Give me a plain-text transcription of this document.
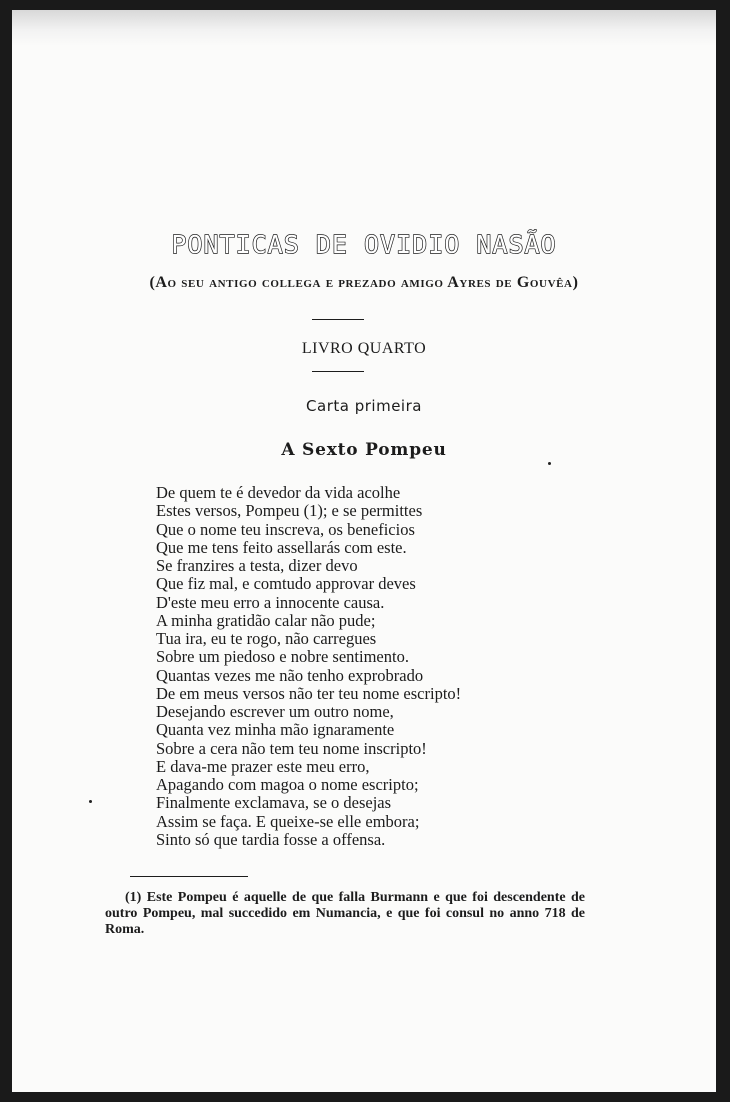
PONTICAS DE OVIDIO NASÃO
(Ao seu antigo collega e prezado amigo Ayres de Gouvêa)
LIVRO QUARTO
Carta primeira
A Sexto Pompeu
De quem te é devedor da vida acolhe
Estes versos, Pompeu (1); e se permittes
Que o nome teu inscreva, os beneficios
Que me tens feito assellarás com este.
Se franzires a testa, dizer devo
Que fiz mal, e comtudo approvar deves
D'este meu erro a innocente causa.
A minha gratidão calar não pude;
Tua ira, eu te rogo, não carregues
Sobre um piedoso e nobre sentimento.
Quantas vezes me não tenho exprobrado
De em meus versos não ter teu nome escripto!
Desejando escrever um outro nome,
Quanta vez minha mão ignaramente
Sobre a cera não tem teu nome inscripto!
E dava-me prazer este meu erro,
Apagando com magoa o nome escripto;
Finalmente exclamava, se o desejas
Assim se faça. E queixe-se elle embora;
Sinto só que tardia fosse a offensa.
(1) Este Pompeu é aquelle de que falla Burmann e que foi descendente de outro Pompeu, mal succedido em Numancia, e que foi consul no anno 718 de Roma.
